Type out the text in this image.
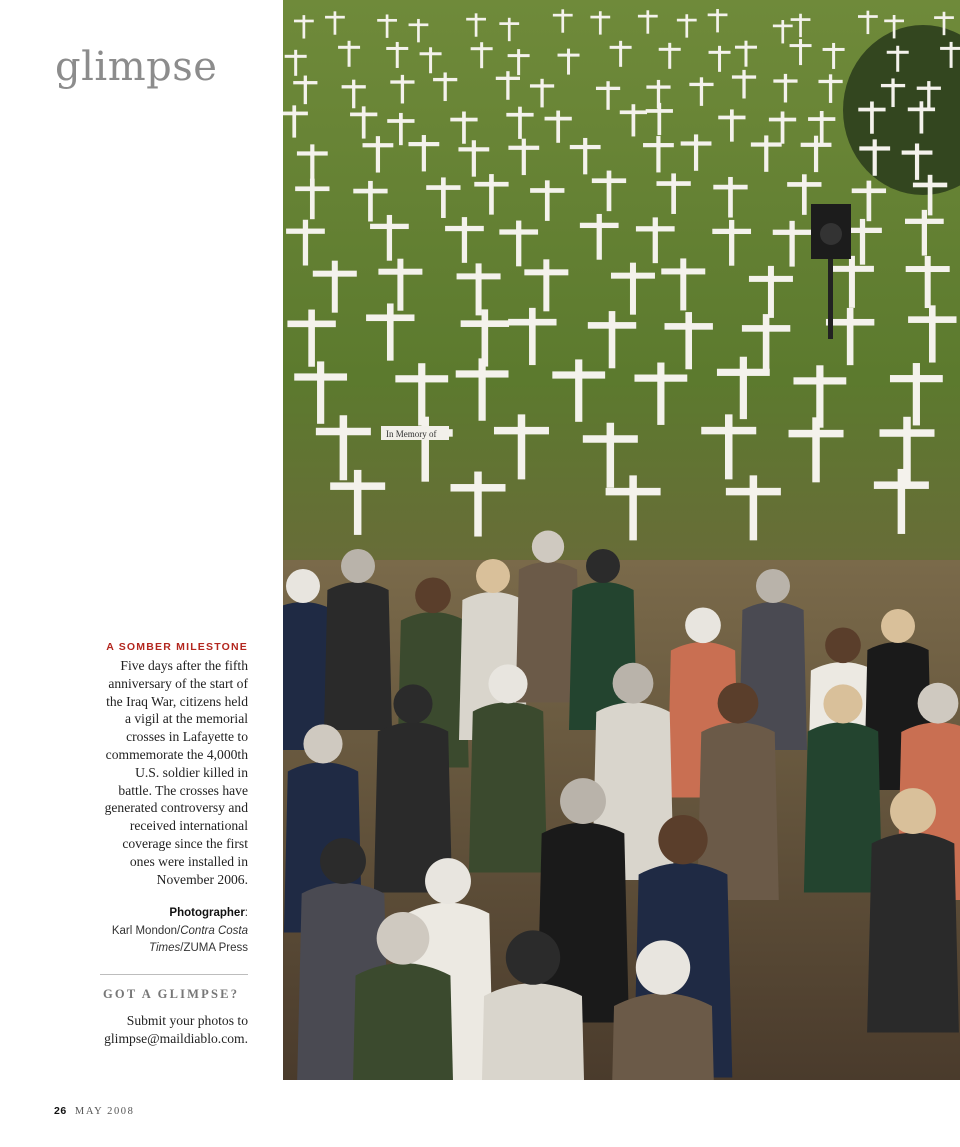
glimpse

A SOMBER MILESTONE

Five days after the fifth anniversary of the start of the Iraq War, citizens held a vigil at the memorial crosses in Lafayette to commemorate the 4,000th U.S. soldier killed in battle. The crosses have generated controversy and received international coverage since the first ones were installed in November 2006.

Photographer:
Karl Mondon/Contra Costa Times/ZUMA Press
GOT A GLIMPSE?

Submit your photos to glimpse@maildiablo.com.

26 MAY 2008
In Memory of
